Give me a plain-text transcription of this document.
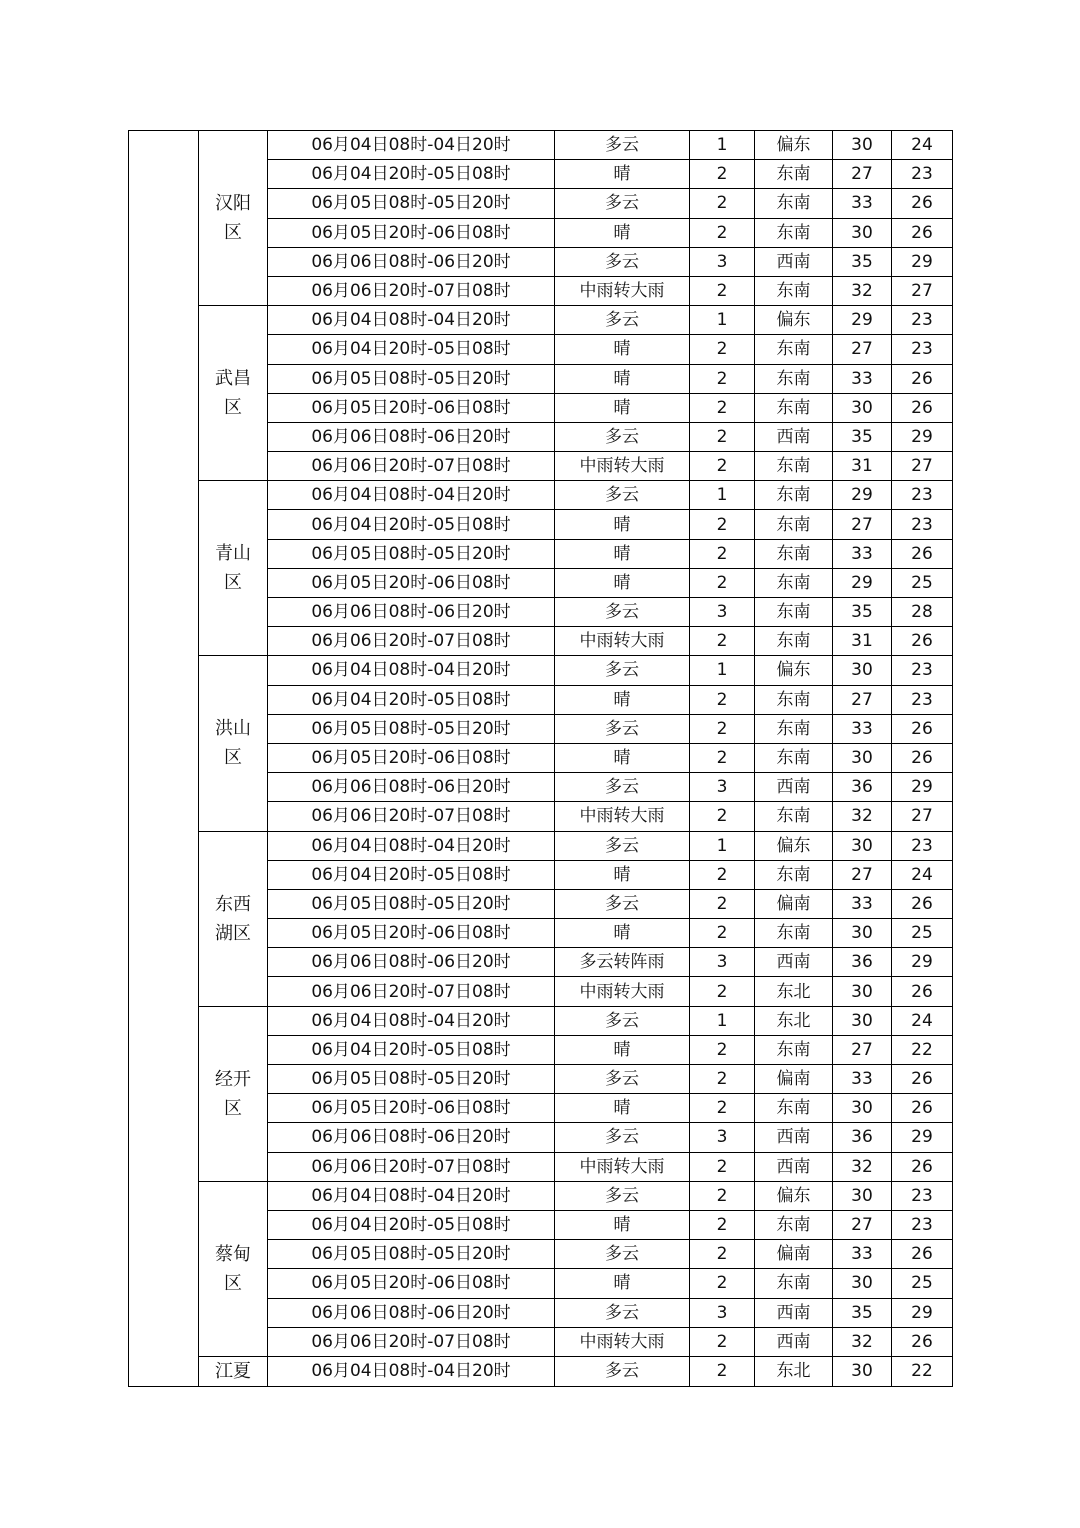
	汉阳区	06月04日08时-04日20时	多云	1	偏东	30	24
		06月04日20时-05日08时	晴	2	东南	27	23
		06月05日08时-05日20时	多云	2	东南	33	26
		06月05日20时-06日08时	晴	2	东南	30	26
		06月06日08时-06日20时	多云	3	西南	35	29
		06月06日20时-07日08时	中雨转大雨	2	东南	32	27
	武昌区	06月04日08时-04日20时	多云	1	偏东	29	23
		06月04日20时-05日08时	晴	2	东南	27	23
		06月05日08时-05日20时	晴	2	东南	33	26
		06月05日20时-06日08时	晴	2	东南	30	26
		06月06日08时-06日20时	多云	2	西南	35	29
		06月06日20时-07日08时	中雨转大雨	2	东南	31	27
	青山区	06月04日08时-04日20时	多云	1	东南	29	23
		06月04日20时-05日08时	晴	2	东南	27	23
		06月05日08时-05日20时	晴	2	东南	33	26
		06月05日20时-06日08时	晴	2	东南	29	25
		06月06日08时-06日20时	多云	3	东南	35	28
		06月06日20时-07日08时	中雨转大雨	2	东南	31	26
	洪山区	06月04日08时-04日20时	多云	1	偏东	30	23
		06月04日20时-05日08时	晴	2	东南	27	23
		06月05日08时-05日20时	多云	2	东南	33	26
		06月05日20时-06日08时	晴	2	东南	30	26
		06月06日08时-06日20时	多云	3	西南	36	29
		06月06日20时-07日08时	中雨转大雨	2	东南	32	27
	东西湖区	06月04日08时-04日20时	多云	1	偏东	30	23
		06月04日20时-05日08时	晴	2	东南	27	24
		06月05日08时-05日20时	多云	2	偏南	33	26
		06月05日20时-06日08时	晴	2	东南	30	25
		06月06日08时-06日20时	多云转阵雨	3	西南	36	29
		06月06日20时-07日08时	中雨转大雨	2	东北	30	26
	经开区	06月04日08时-04日20时	多云	1	东北	30	24
		06月04日20时-05日08时	晴	2	东南	27	22
		06月05日08时-05日20时	多云	2	偏南	33	26
		06月05日20时-06日08时	晴	2	东南	30	26
		06月06日08时-06日20时	多云	3	西南	36	29
		06月06日20时-07日08时	中雨转大雨	2	西南	32	26
	蔡甸区	06月04日08时-04日20时	多云	2	偏东	30	23
		06月04日20时-05日08时	晴	2	东南	27	23
		06月05日08时-05日20时	多云	2	偏南	33	26
		06月05日20时-06日08时	晴	2	东南	30	25
		06月06日08时-06日20时	多云	3	西南	35	29
		06月06日20时-07日08时	中雨转大雨	2	西南	32	26
	江夏	06月04日08时-04日20时	多云	2	东北	30	22
